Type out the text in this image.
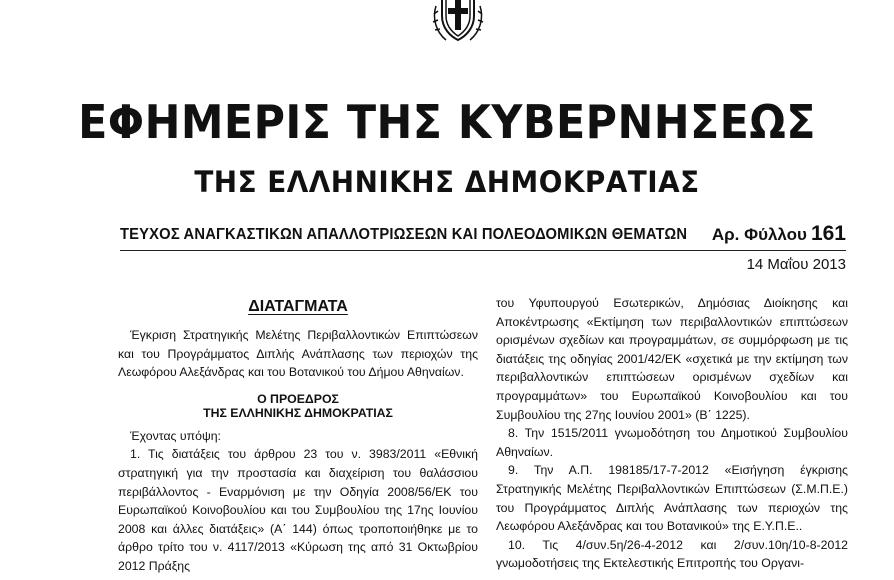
ΕΦΗΜΕΡΙΣ ΤΗΣ ΚΥΒΕΡΝΗΣΕΩΣ
ΤΗΣ ΕΛΛΗΝΙΚΗΣ ΔΗΜΟΚΡΑΤΙΑΣ
ΤΕΥΧΟΣ ΑΝΑΓΚΑΣΤΙΚΩΝ ΑΠΑΛΛΟΤΡΙΩΣΕΩΝ ΚΑΙ ΠΟΛΕΟΔΟΜΙΚΩΝ ΘΕΜΑΤΩΝ Αρ. Φύλλου 161
14 Μαΐου 2013
ΔΙΑΤΑΓΜΑΤΑ

Έγκριση Στρατηγικής Μελέτης Περιβαλλοντικών Επιπτώσεων και του Προγράμματος Διπλής Ανάπλασης των περιοχών της Λεωφόρου Αλεξάνδρας και του Βοτανικού του Δήμου Αθηναίων.

Ο ΠΡΟΕΔΡΟΣ
ΤΗΣ ΕΛΛΗΝΙΚΗΣ ΔΗΜΟΚΡΑΤΙΑΣ

Έχοντας υπόψη:

1. Τις διατάξεις του άρθρου 23 του ν. 3983/2011 «Εθνική στρατηγική για την προστασία και διαχείριση του θαλάσσιου περιβάλλοντος - Εναρμόνιση με την Οδηγία 2008/56/ΕΚ του Ευρωπαϊκού Κοινοβουλίου και του Συμβουλίου της 17ης Ιουνίου 2008 και άλλες διατάξεις» (Α΄ 144) όπως τροποποιήθηκε με το άρθρο τρίτο του ν. 4117/2013 «Κύρωση της από 31 Οκτωβρίου 2012 Πράξης

του Υφυπουργού Εσωτερικών, Δημόσιας Διοίκησης και Αποκέντρωσης «Εκτίμηση των περιβαλλοντικών επιπτώσεων ορισμένων σχεδίων και προγραμμάτων, σε συμμόρφωση με τις διατάξεις της οδηγίας 2001/42/ΕΚ «σχετικά με την εκτίμηση των περιβαλλοντικών επιπτώσεων ορισμένων σχεδίων και προγραμμάτων» του Ευρωπαϊκού Κοινοβουλίου και του Συμβουλίου της 27ης Ιουνίου 2001» (Β΄ 1225).

8. Την 1515/2011 γνωμοδότηση του Δημοτικού Συμβουλίου Αθηναίων.

9. Την Α.Π. 198185/17-7-2012 «Εισήγηση έγκρισης Στρατηγικής Μελέτης Περιβαλλοντικών Επιπτώσεων (Σ.Μ.Π.Ε.) του Προγράμματος Διπλής Ανάπλασης των περιοχών της Λεωφόρου Αλεξάνδρας και του Βοτανικού» της Ε.Υ.Π.Ε..

10. Τις 4/συν.5η/26-4-2012 και 2/συν.10η/10-8-2012 γνωμοδοτήσεις της Εκτελεστικής Επιτροπής του Οργανι-
